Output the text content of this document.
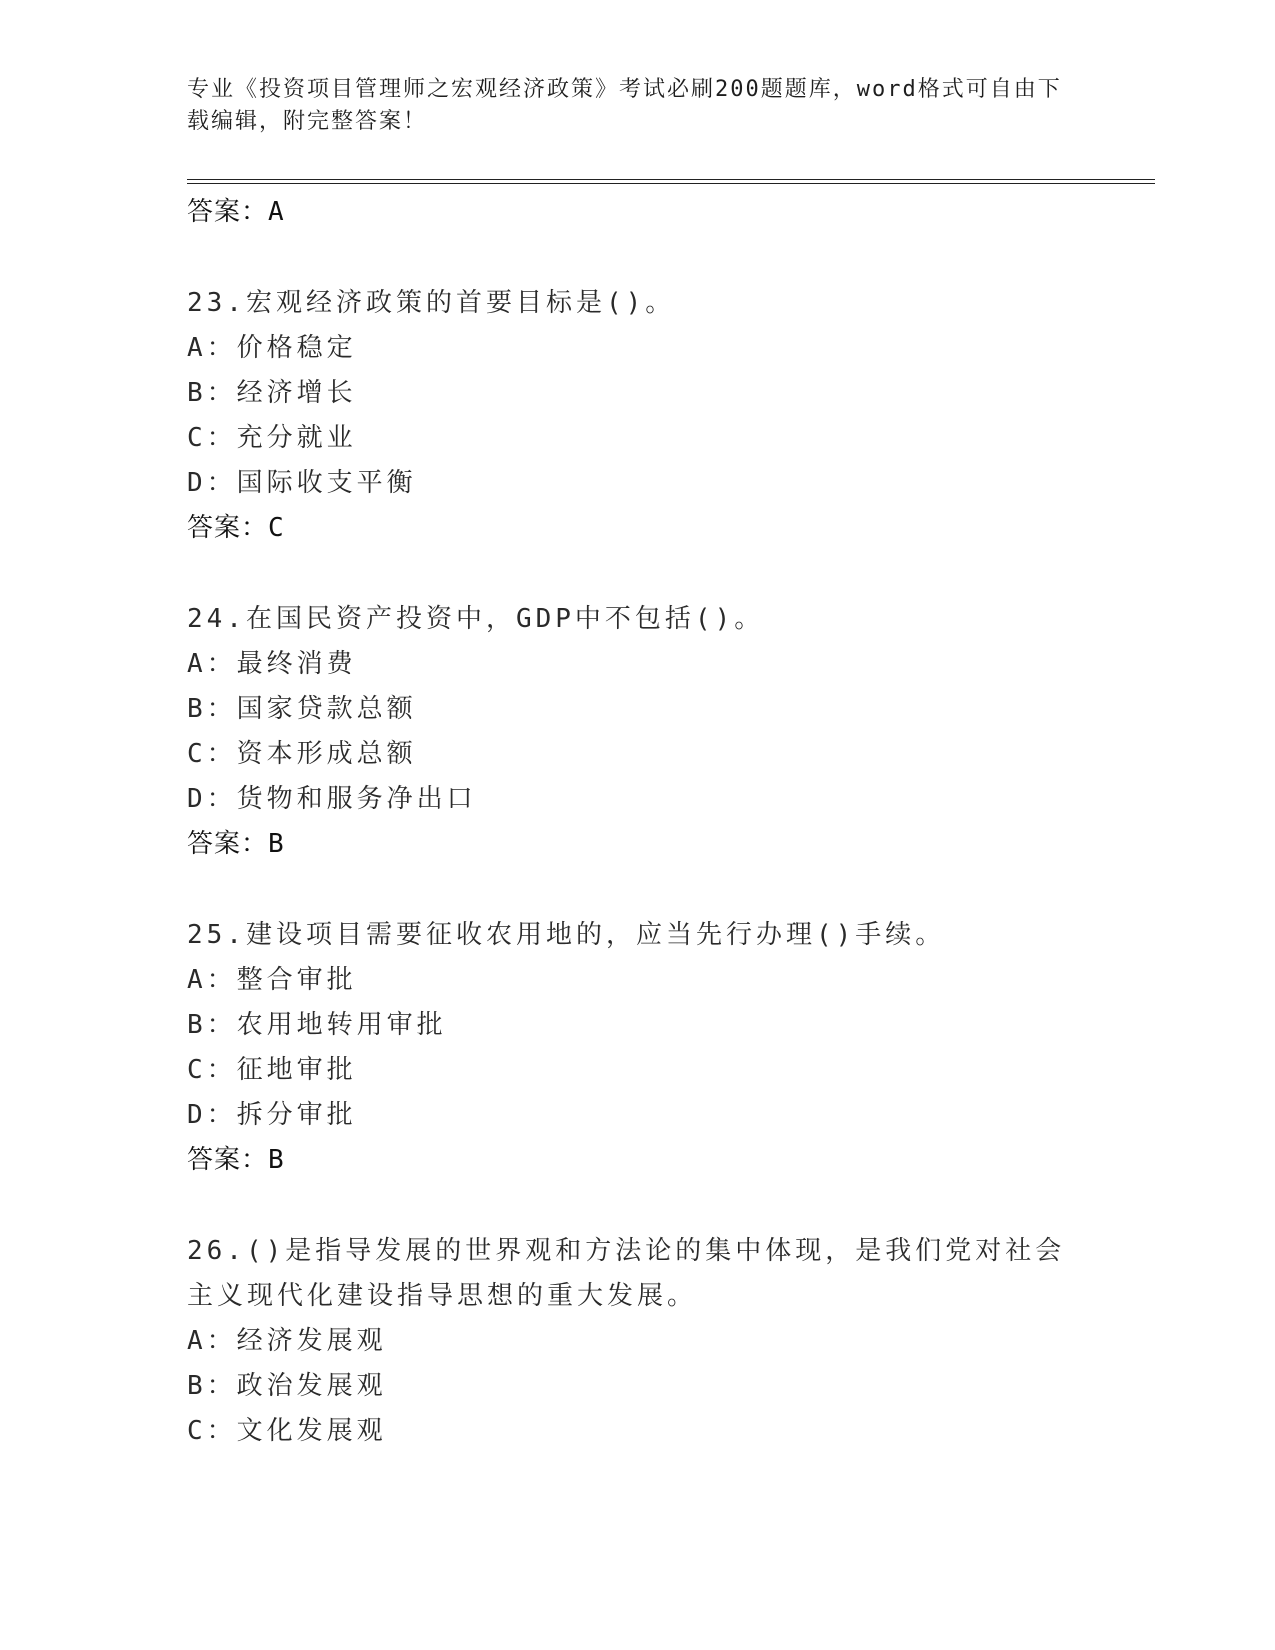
专业《投资项目管理师之宏观经济政策》考试必刷200题题库，word格式可自由下载编辑，附完整答案！
答案：A
23.宏观经济政策的首要目标是()。
A：价格稳定
B：经济增长
C：充分就业
D：国际收支平衡
答案：C
24.在国民资产投资中，GDP中不包括()。
A：最终消费
B：国家贷款总额
C：资本形成总额
D：货物和服务净出口
答案：B
25.建设项目需要征收农用地的，应当先行办理()手续。
A：整合审批
B：农用地转用审批
C：征地审批
D：拆分审批
答案：B
26.()是指导发展的世界观和方法论的集中体现，是我们党对社会主义现代化建设指导思想的重大发展。
A：经济发展观
B：政治发展观
C：文化发展观
